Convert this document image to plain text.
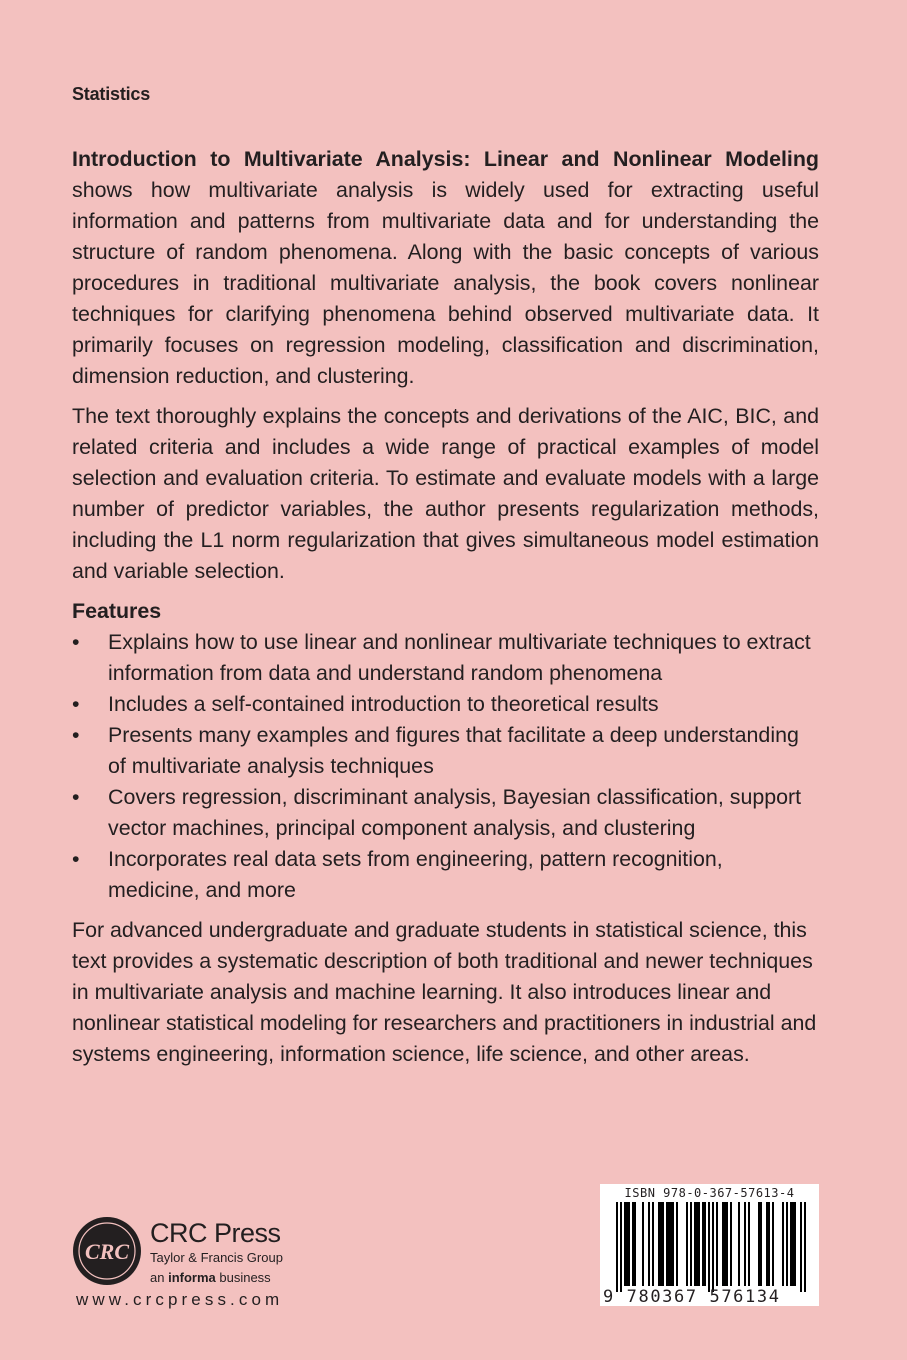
Statistics

Introduction to Multivariate Analysis: Linear and Nonlinear Modeling shows how multivariate analysis is widely used for extracting useful information and patterns from multivariate data and for understanding the structure of random phenomena. Along with the basic concepts of various procedures in traditional multivariate analysis, the book covers nonlinear techniques for clarifying phenomena behind observed multivariate data. It primarily focuses on regression modeling, classification and discrimination, dimension reduction, and clustering.

The text thoroughly explains the concepts and derivations of the AIC, BIC, and related criteria and includes a wide range of practical examples of model selection and evaluation criteria. To estimate and evaluate models with a large number of predictor variables, the author presents regularization methods, including the L1 norm regularization that gives simultaneous model estimation and variable selection.

Features
• Explains how to use linear and nonlinear multivariate techniques to extract information from data and understand random phenomena
• Includes a self-contained introduction to theoretical results
• Presents many examples and figures that facilitate a deep understanding of multivariate analysis techniques
• Covers regression, discriminant analysis, Bayesian classification, support vector machines, principal component analysis, and clustering
• Incorporates real data sets from engineering, pattern recognition, medicine, and more

For advanced undergraduate and graduate students in statistical science, this text provides a systematic description of both traditional and newer techniques in multivariate analysis and machine learning. It also introduces linear and nonlinear statistical modeling for researchers and practitioners in industrial and systems engineering, information science, life science, and other areas.

CRC
CRC Press
Taylor & Francis Group
an informa business
www.crcpress.com
ISBN 978-0-367-57613-4
9 780367 576134
